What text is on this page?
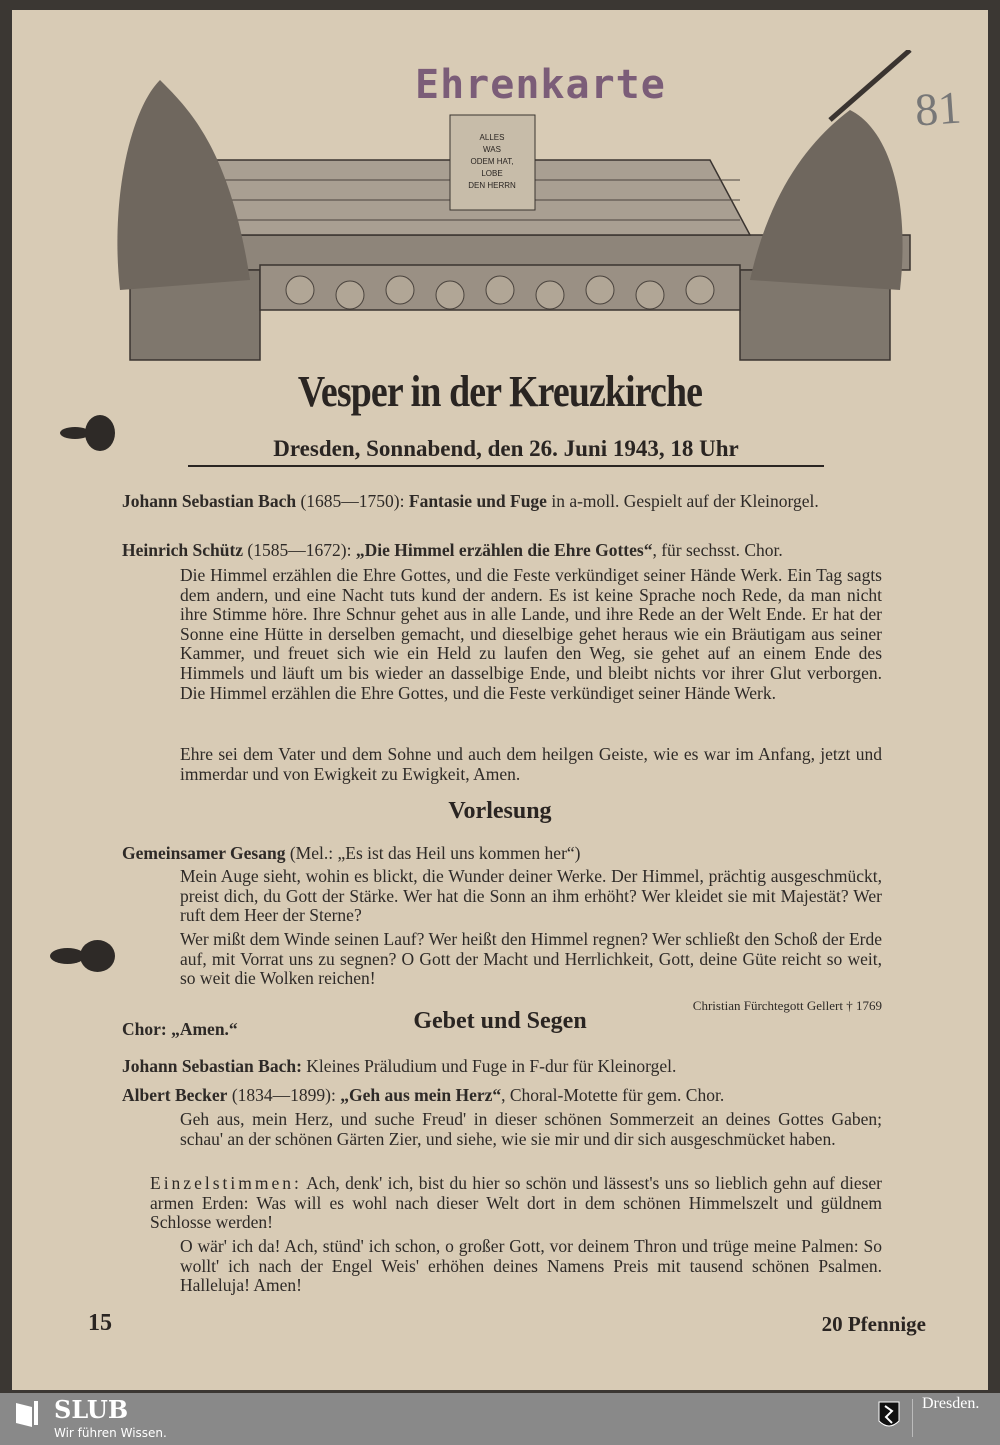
ALLES
WAS
ODEM HAT,
LOBE
DEN HERRN
Ehrenkarte	81
Vesper in der Kreuzkirche
Dresden, Sonnabend, den 26. Juni 1943, 18 Uhr
Johann Sebastian Bach (1685—1750): Fantasie und Fuge in a-moll. Gespielt auf der Kleinorgel.
Heinrich Schütz (1585—1672): „Die Himmel erzählen die Ehre Gottes“, für sechsst. Chor.
Die Himmel erzählen die Ehre Gottes, und die Feste verkündiget seiner Hände Werk. Ein Tag sagts dem andern, und eine Nacht tuts kund der andern. Es ist keine Sprache noch Rede, da man nicht ihre Stimme höre. Ihre Schnur gehet aus in alle Lande, und ihre Rede an der Welt Ende. Er hat der Sonne eine Hütte in derselben gemacht, und dieselbige gehet heraus wie ein Bräutigam aus seiner Kammer, und freuet sich wie ein Held zu laufen den Weg, sie gehet auf an einem Ende des Himmels und läuft um bis wieder an dasselbige Ende, und bleibt nichts vor ihrer Glut verborgen. Die Himmel erzählen die Ehre Gottes, und die Feste verkündiget seiner Hände Werk.
Ehre sei dem Vater und dem Sohne und auch dem heilgen Geiste, wie es war im Anfang, jetzt und immerdar und von Ewigkeit zu Ewigkeit, Amen.
Vorlesung
Gemeinsamer Gesang (Mel.: „Es ist das Heil uns kommen her“)
Mein Auge sieht, wohin es blickt, die Wunder deiner Werke. Der Himmel, prächtig ausgeschmückt, preist dich, du Gott der Stärke. Wer hat die Sonn an ihm erhöht? Wer kleidet sie mit Majestät? Wer ruft dem Heer der Sterne?
Wer mißt dem Winde seinen Lauf? Wer heißt den Himmel regnen? Wer schließt den Schoß der Erde auf, mit Vorrat uns zu segnen? O Gott der Macht und Herrlichkeit, Gott, deine Güte reicht so weit, so weit die Wolken reichen!
Christian Fürchtegott Gellert † 1769
Gebet und Segen
Chor: „Amen.“
Johann Sebastian Bach: Kleines Präludium und Fuge in F-dur für Kleinorgel.
Albert Becker (1834—1899): „Geh aus mein Herz“, Choral-Motette für gem. Chor.
Geh aus, mein Herz, und suche Freud' in dieser schönen Sommerzeit an deines Gottes Gaben; schau' an der schönen Gärten Zier, und siehe, wie sie mir und dir sich ausgeschmücket haben.
Einzelstimmen: Ach, denk' ich, bist du hier so schön und lässest's uns so lieblich gehn auf dieser armen Erden: Was will es wohl nach dieser Welt dort in dem schönen Himmelszelt und güldnem Schlosse werden!
O wär' ich da! Ach, stünd' ich schon, o großer Gott, vor deinem Thron und trüge meine Palmen: So wollt' ich nach der Engel Weis' erhöhen deines Namens Preis mit tausend schönen Psalmen. Halleluja! Amen!
15	20 Pfennige
SLUB
Wir führen Wissen.
Dresden.
